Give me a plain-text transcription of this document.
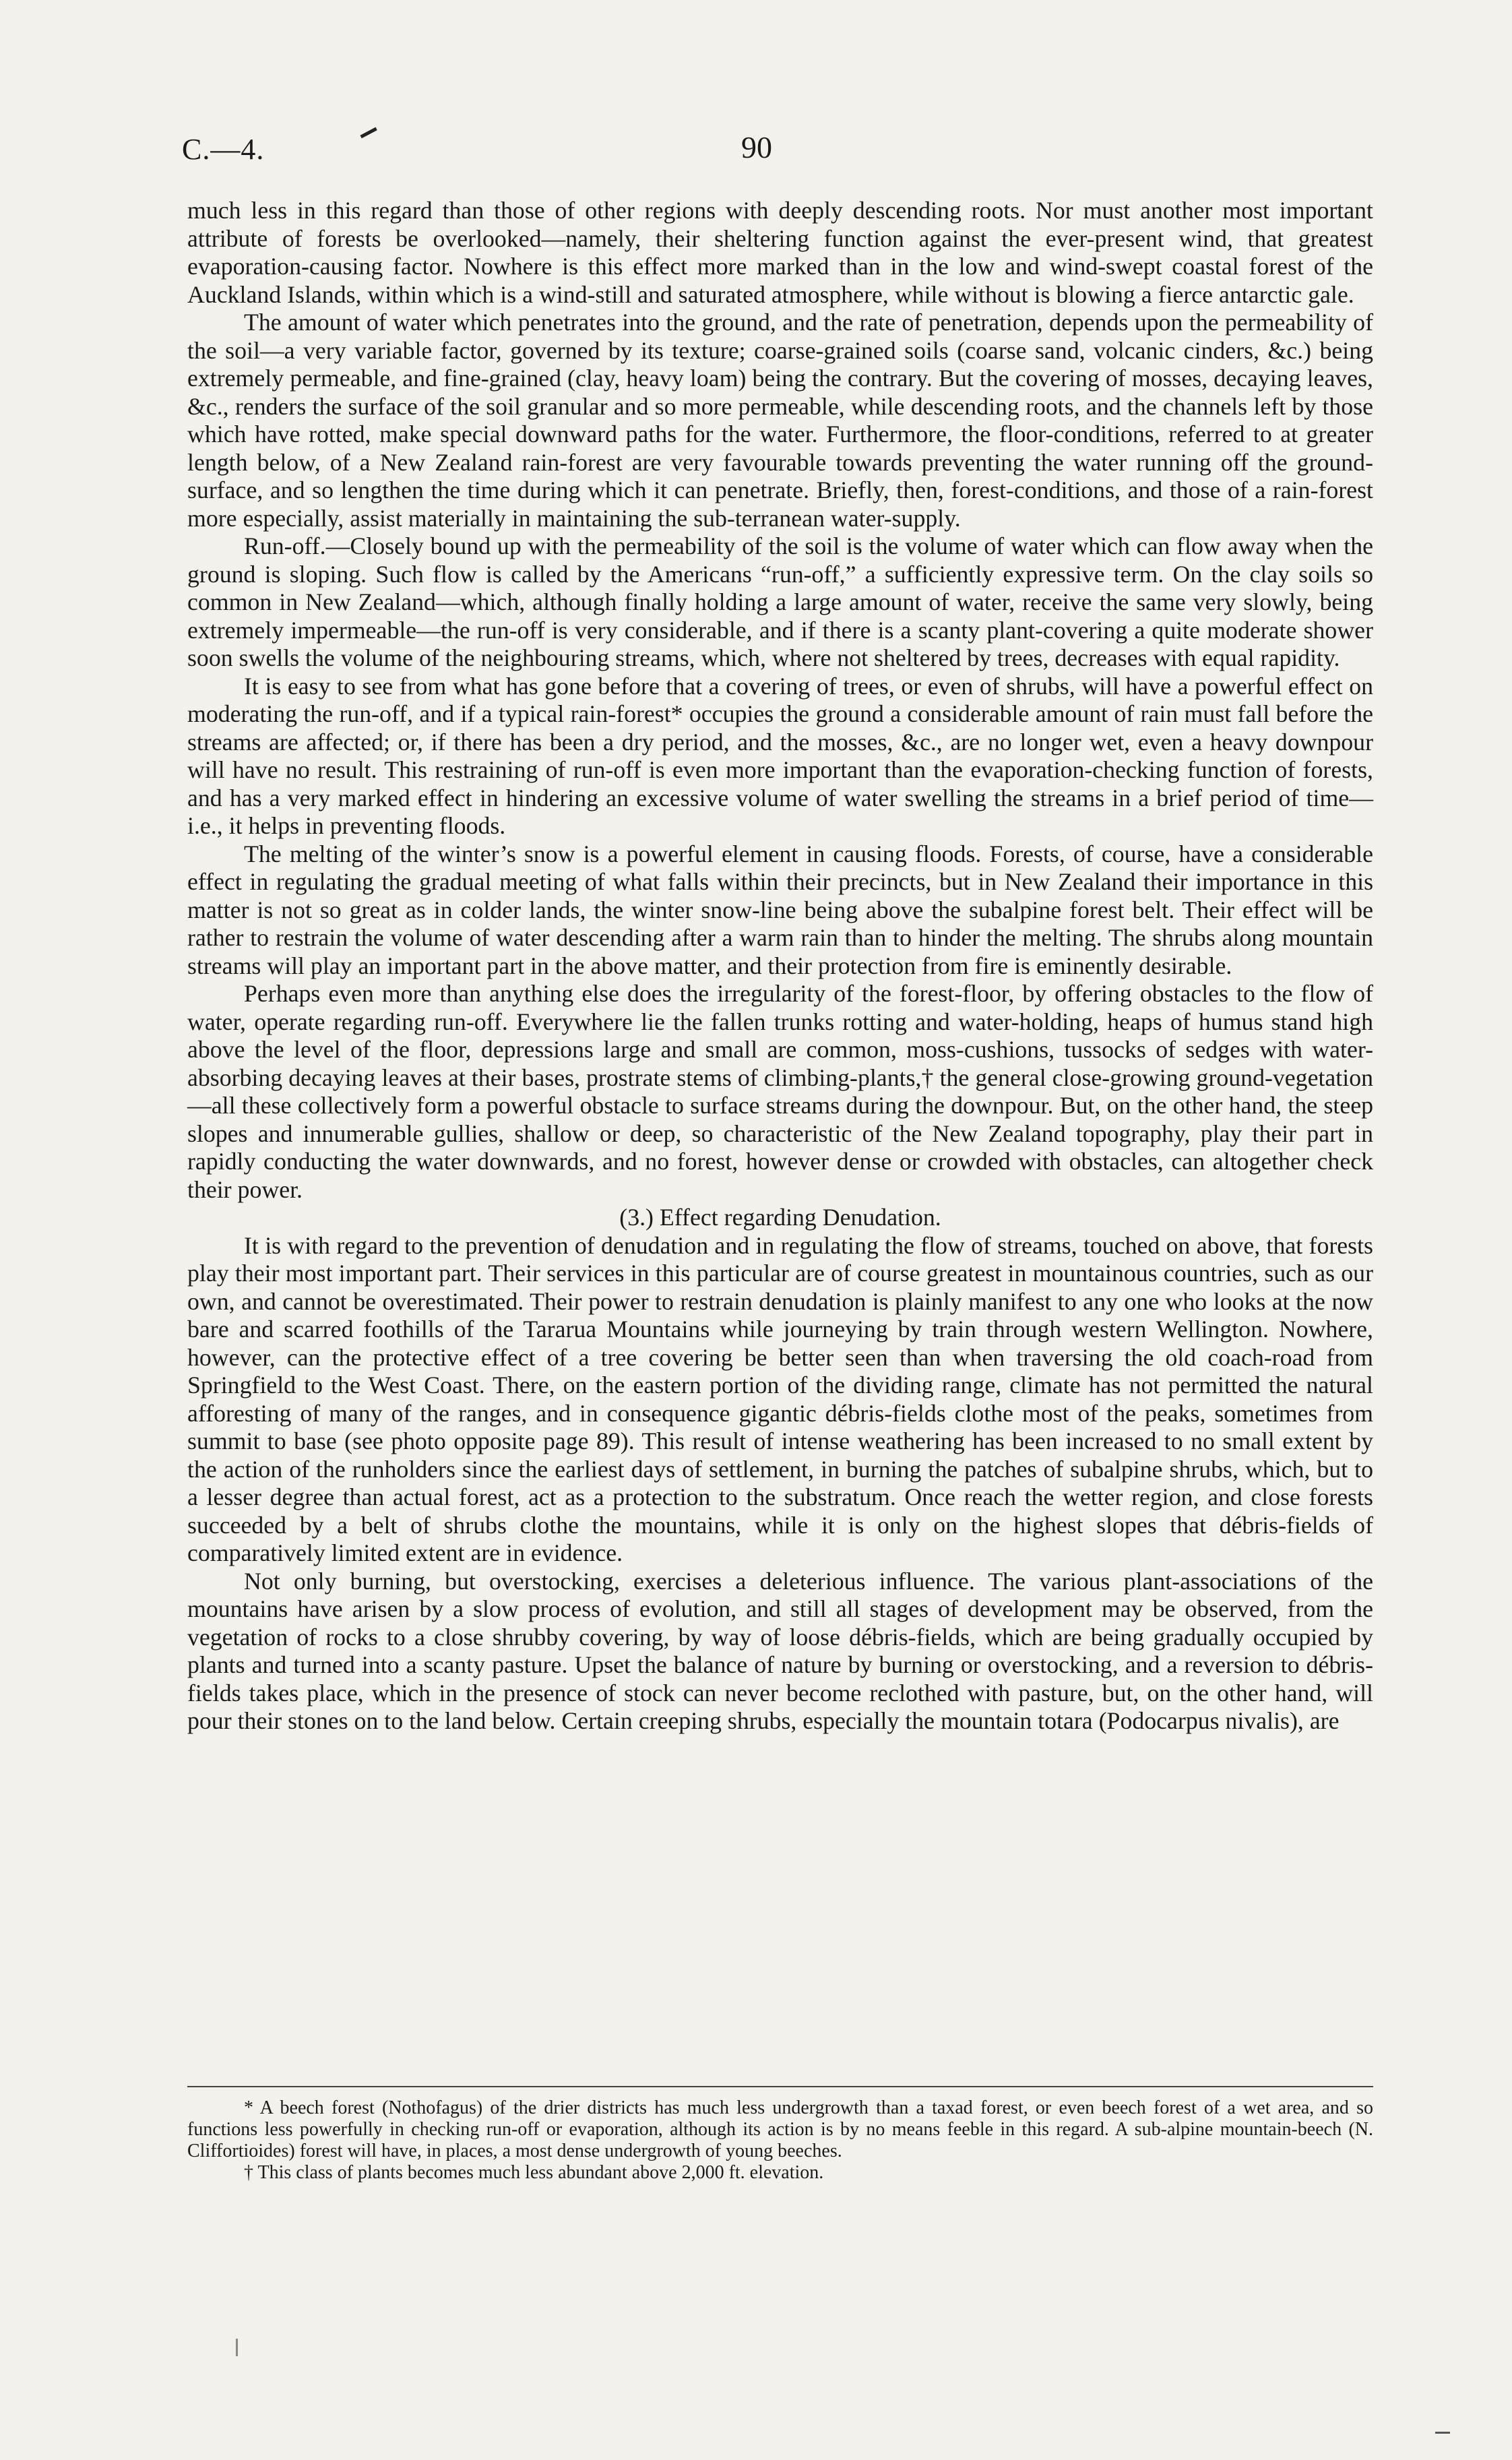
C.—4.	90

much less in this regard than those of other regions with deeply descending roots. Nor must another most important attribute of forests be overlooked—namely, their sheltering function against the ever-present wind, that greatest evaporation-causing factor. Nowhere is this effect more marked than in the low and wind-swept coastal forest of the Auckland Islands, within which is a wind-still and saturated atmosphere, while without is blowing a fierce antarctic gale.

The amount of water which penetrates into the ground, and the rate of penetration, depends upon the permeability of the soil—a very variable factor, governed by its texture; coarse-grained soils (coarse sand, volcanic cinders, &c.) being extremely permeable, and fine-grained (clay, heavy loam) being the contrary. But the covering of mosses, decaying leaves, &c., renders the surface of the soil granular and so more permeable, while descending roots, and the channels left by those which have rotted, make special downward paths for the water. Furthermore, the floor-conditions, referred to at greater length below, of a New Zealand rain-forest are very favourable towards preventing the water running off the ground-surface, and so lengthen the time during which it can penetrate. Briefly, then, forest-conditions, and those of a rain-forest more especially, assist materially in maintaining the sub-terranean water-supply.

Run-off.—Closely bound up with the permeability of the soil is the volume of water which can flow away when the ground is sloping. Such flow is called by the Americans “run-off,” a sufficiently expressive term. On the clay soils so common in New Zealand—which, although finally holding a large amount of water, receive the same very slowly, being extremely impermeable—the run-off is very considerable, and if there is a scanty plant-covering a quite moderate shower soon swells the volume of the neighbouring streams, which, where not sheltered by trees, decreases with equal rapidity.

It is easy to see from what has gone before that a covering of trees, or even of shrubs, will have a powerful effect on moderating the run-off, and if a typical rain-forest* occupies the ground a considerable amount of rain must fall before the streams are affected; or, if there has been a dry period, and the mosses, &c., are no longer wet, even a heavy downpour will have no result. This restraining of run-off is even more important than the evaporation-checking function of forests, and has a very marked effect in hindering an excessive volume of water swelling the streams in a brief period of time—i.e., it helps in preventing floods.

The melting of the winter’s snow is a powerful element in causing floods. Forests, of course, have a considerable effect in regulating the gradual meeting of what falls within their precincts, but in New Zealand their importance in this matter is not so great as in colder lands, the winter snow-line being above the subalpine forest belt. Their effect will be rather to restrain the volume of water descending after a warm rain than to hinder the melting. The shrubs along mountain streams will play an important part in the above matter, and their protection from fire is eminently desirable.

Perhaps even more than anything else does the irregularity of the forest-floor, by offering obstacles to the flow of water, operate regarding run-off. Everywhere lie the fallen trunks rotting and water-holding, heaps of humus stand high above the level of the floor, depressions large and small are common, moss-cushions, tussocks of sedges with water-absorbing decaying leaves at their bases, prostrate stems of climbing-plants,† the general close-growing ground-vegetation—all these collectively form a powerful obstacle to surface streams during the downpour. But, on the other hand, the steep slopes and innumerable gullies, shallow or deep, so characteristic of the New Zealand topography, play their part in rapidly conducting the water downwards, and no forest, however dense or crowded with obstacles, can altogether check their power.

(3.) Effect regarding Denudation.

It is with regard to the prevention of denudation and in regulating the flow of streams, touched on above, that forests play their most important part. Their services in this particular are of course greatest in mountainous countries, such as our own, and cannot be overestimated. Their power to restrain denudation is plainly manifest to any one who looks at the now bare and scarred foothills of the Tararua Mountains while journeying by train through western Wellington. Nowhere, however, can the protective effect of a tree covering be better seen than when traversing the old coach-road from Springfield to the West Coast. There, on the eastern portion of the dividing range, climate has not permitted the natural afforesting of many of the ranges, and in consequence gigantic débris-fields clothe most of the peaks, sometimes from summit to base (see photo opposite page 89). This result of intense weathering has been increased to no small extent by the action of the runholders since the earliest days of settlement, in burning the patches of subalpine shrubs, which, but to a lesser degree than actual forest, act as a protection to the substratum. Once reach the wetter region, and close forests succeeded by a belt of shrubs clothe the mountains, while it is only on the highest slopes that débris-fields of comparatively limited extent are in evidence.

Not only burning, but overstocking, exercises a deleterious influence. The various plant-associations of the mountains have arisen by a slow process of evolution, and still all stages of development may be observed, from the vegetation of rocks to a close shrubby covering, by way of loose débris-fields, which are being gradually occupied by plants and turned into a scanty pasture. Upset the balance of nature by burning or overstocking, and a reversion to débris-fields takes place, which in the presence of stock can never become reclothed with pasture, but, on the other hand, will pour their stones on to the land below. Certain creeping shrubs, especially the mountain totara (Podocarpus nivalis), are

* A beech forest (Nothofagus) of the drier districts has much less undergrowth than a taxad forest, or even beech forest of a wet area, and so functions less powerfully in checking run-off or evaporation, although its action is by no means feeble in this regard. A sub-alpine mountain-beech (N. Cliffortioides) forest will have, in places, a most dense undergrowth of young beeches.

† This class of plants becomes much less abundant above 2,000 ft. elevation.
